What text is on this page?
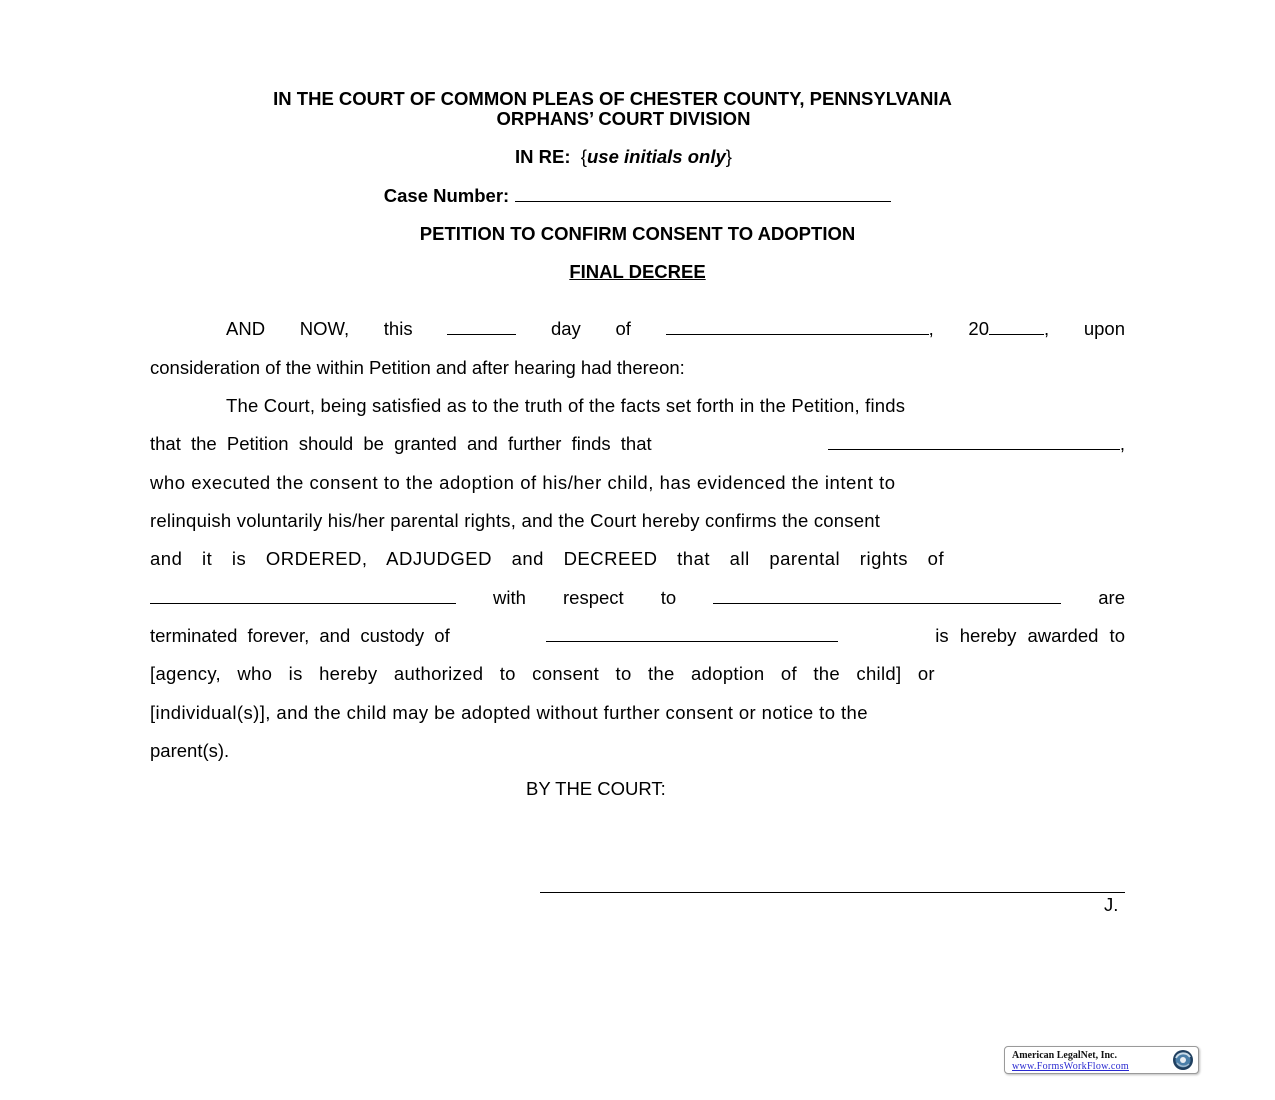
IN THE COURT OF COMMON PLEAS OF CHESTER COUNTY, PENNSYLVANIA
ORPHANS’ COURT DIVISION
IN RE: {use initials only}
Case Number:
PETITION TO CONFIRM CONSENT TO ADOPTION
FINAL DECREE
AND NOW, this	day of	, 20	, upon
consideration of the within Petition and after hearing had thereon:
The Court, being satisfied as to the truth of the facts set forth in the Petition, finds
that the Petition should be granted and further finds that	,
who executed the consent to the adoption of his/her child, has evidenced the intent to
relinquish voluntarily his/her parental rights, and the Court hereby confirms the consent
and it is ORDERED, ADJUDGED and DECREED that all parental rights of
with respect to	are
terminated forever, and custody of	is hereby awarded to
[agency, who is hereby authorized to consent to the adoption of the child] or
[individual(s)], and the child may be adopted without further consent or notice to the
parent(s).
BY THE COURT:
J.
American LegalNet, Inc.
www.FormsWorkFlow.com
